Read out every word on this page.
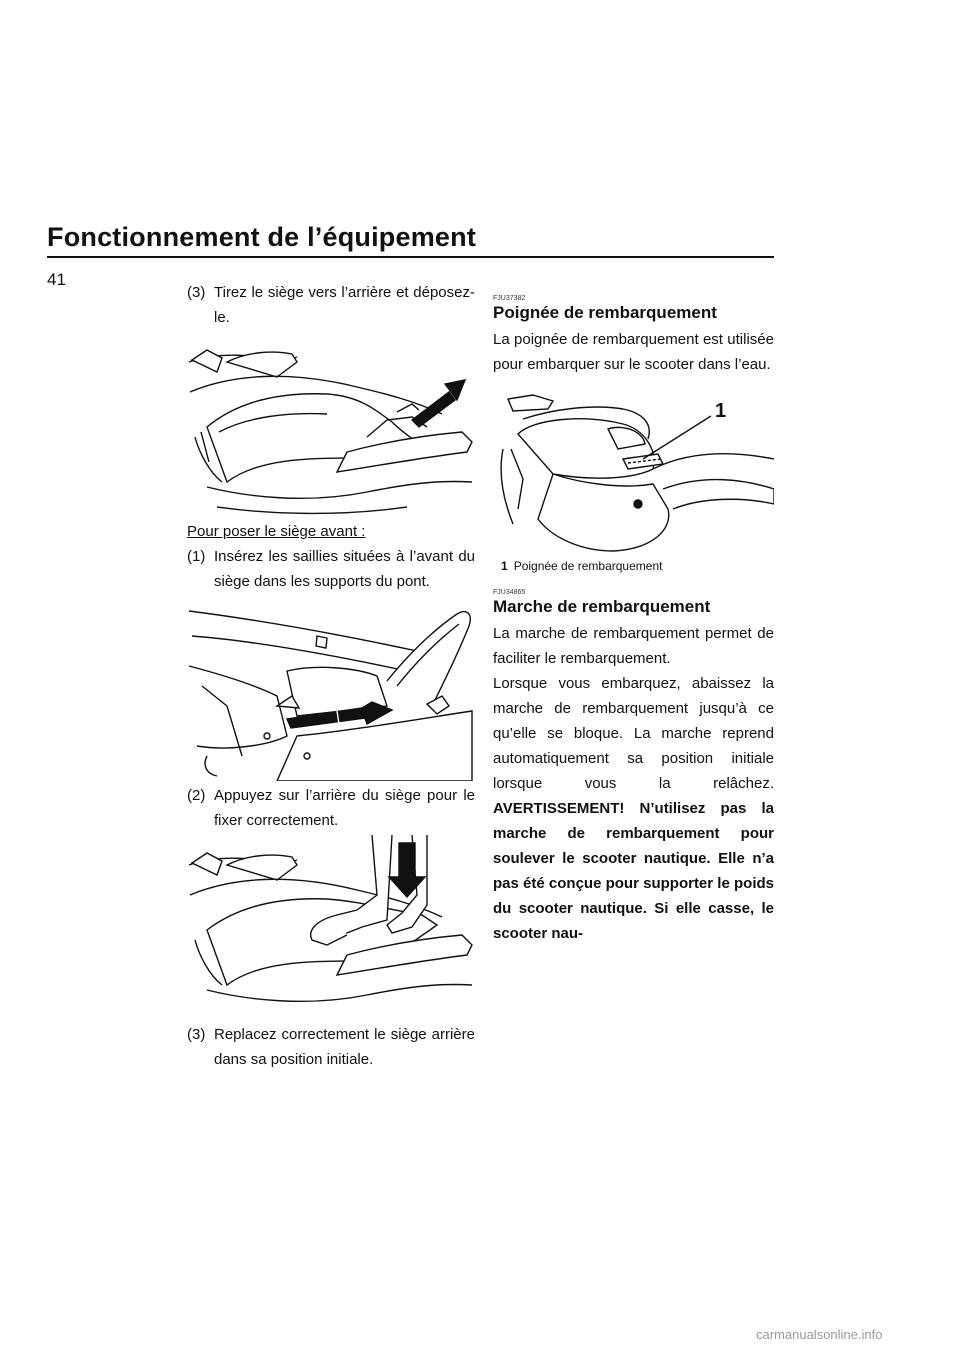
Fonctionnement de l’équipement
41
(3) Tirez le siège vers l’arrière et déposez-le.
Pour poser le siège avant :
(1) Insérez les saillies situées à l’avant du siège dans les supports du pont.
(2) Appuyez sur l’arrière du siège pour le fixer correctement.
(3) Replacez correctement le siège arrière dans sa position initiale.
FJU37382
Poignée de rembarquement

La poignée de rembarquement est utilisée pour embarquer sur le scooter dans l’eau.

1
1 Poignée de rembarquement
FJU34865
Marche de rembarquement

La marche de rembarquement permet de faciliter le rembarquement.

Lorsque vous embarquez, abaissez la marche de rembarquement jusqu’à ce qu’elle se bloque. La marche reprend automatiquement sa position initiale lorsque vous la relâchez. AVERTISSEMENT! N’utilisez pas la marche de rembarquement pour soulever le scooter nautique. Elle n’a pas été conçue pour supporter le poids du scooter nautique. Si elle casse, le scooter nau-

carmanualsonline.info
